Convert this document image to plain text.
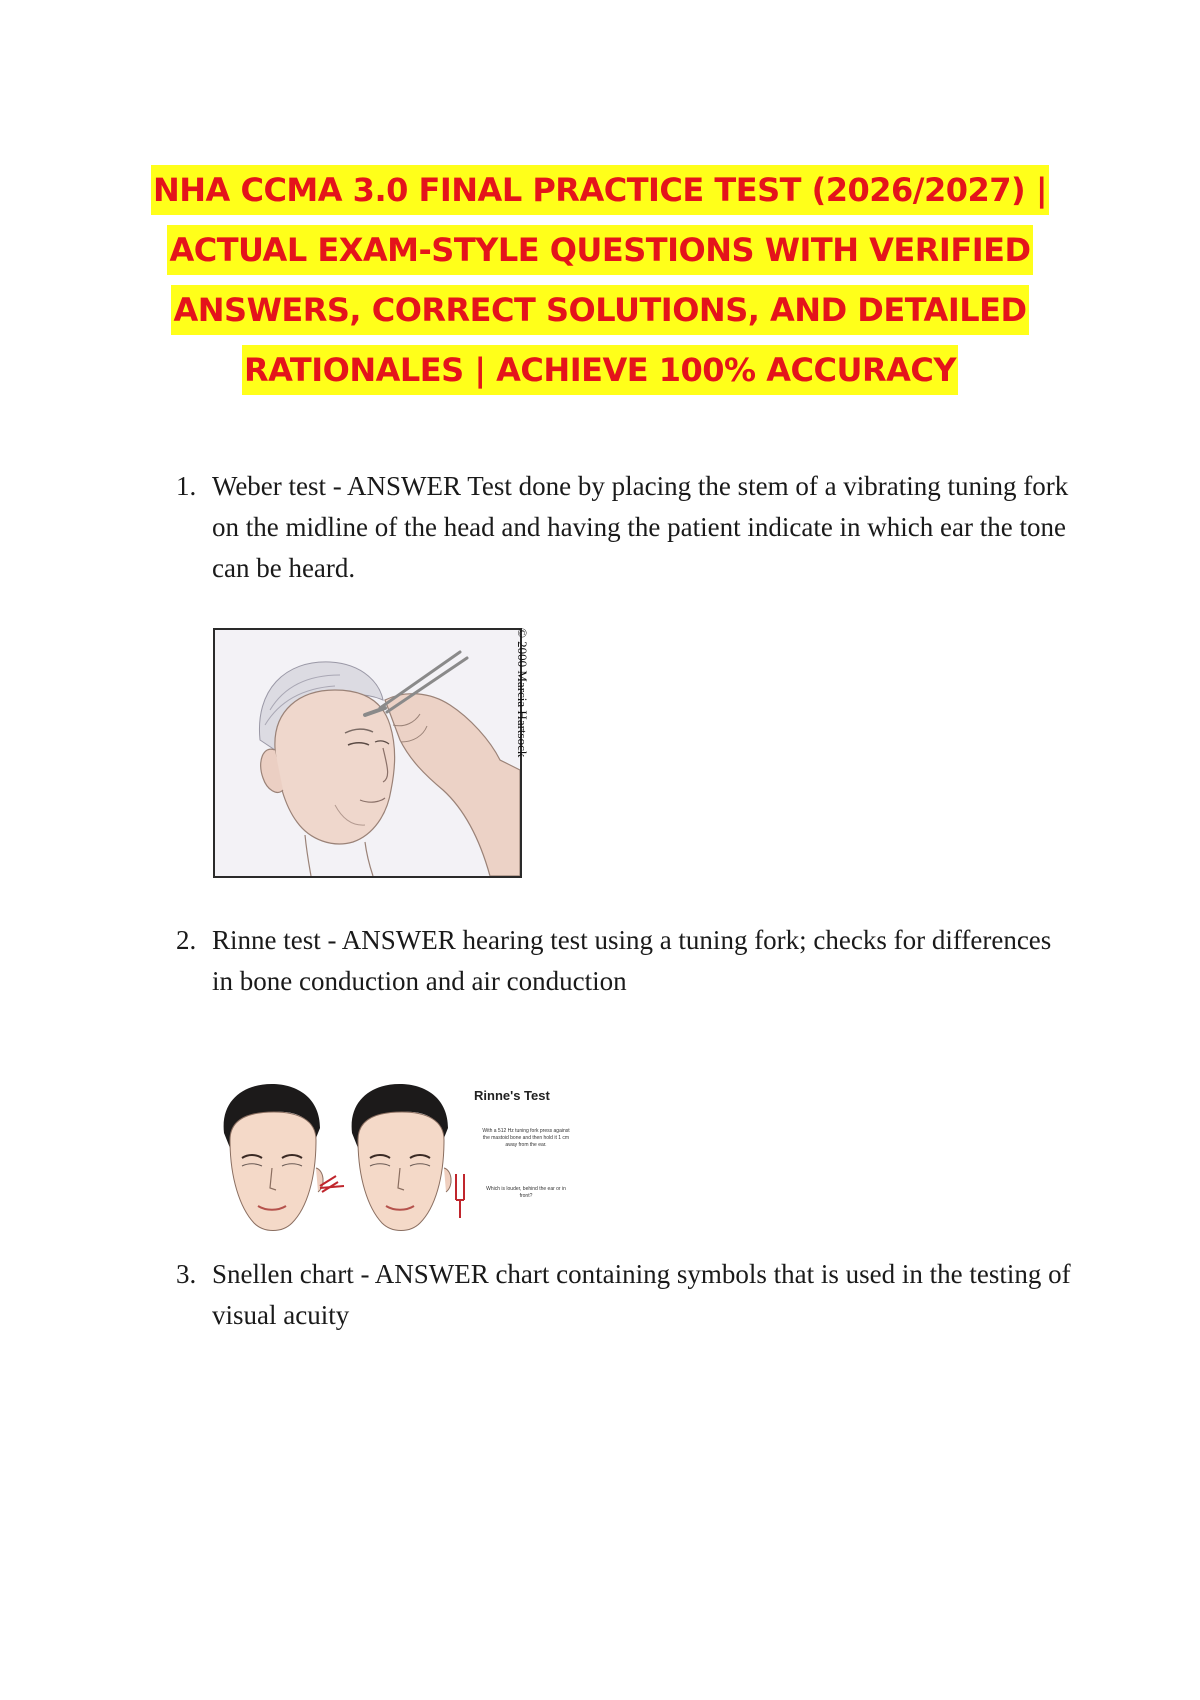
NHA CCMA 3.0 FINAL PRACTICE TEST (2026/2027) | ACTUAL EXAM-STYLE QUESTIONS WITH VERIFIED ANSWERS, CORRECT SOLUTIONS, AND DETAILED RATIONALES | ACHIEVE 100% ACCURACY
1. Weber test - ANSWER Test done by placing the stem of a vibrating tuning fork on the midline of the head and having the patient indicate in which ear the tone can be heard.
© 2000 Marcia Hartsock
2. Rinne test - ANSWER hearing test using a tuning fork; checks for differences in bone conduction and air conduction
Rinne's Test
With a 512 Hz tuning fork press against the mastoid bone and then hold it 1 cm away from the ear.
Which is louder, behind the ear or in front?
3. Snellen chart - ANSWER chart containing symbols that is used in the testing of visual acuity
